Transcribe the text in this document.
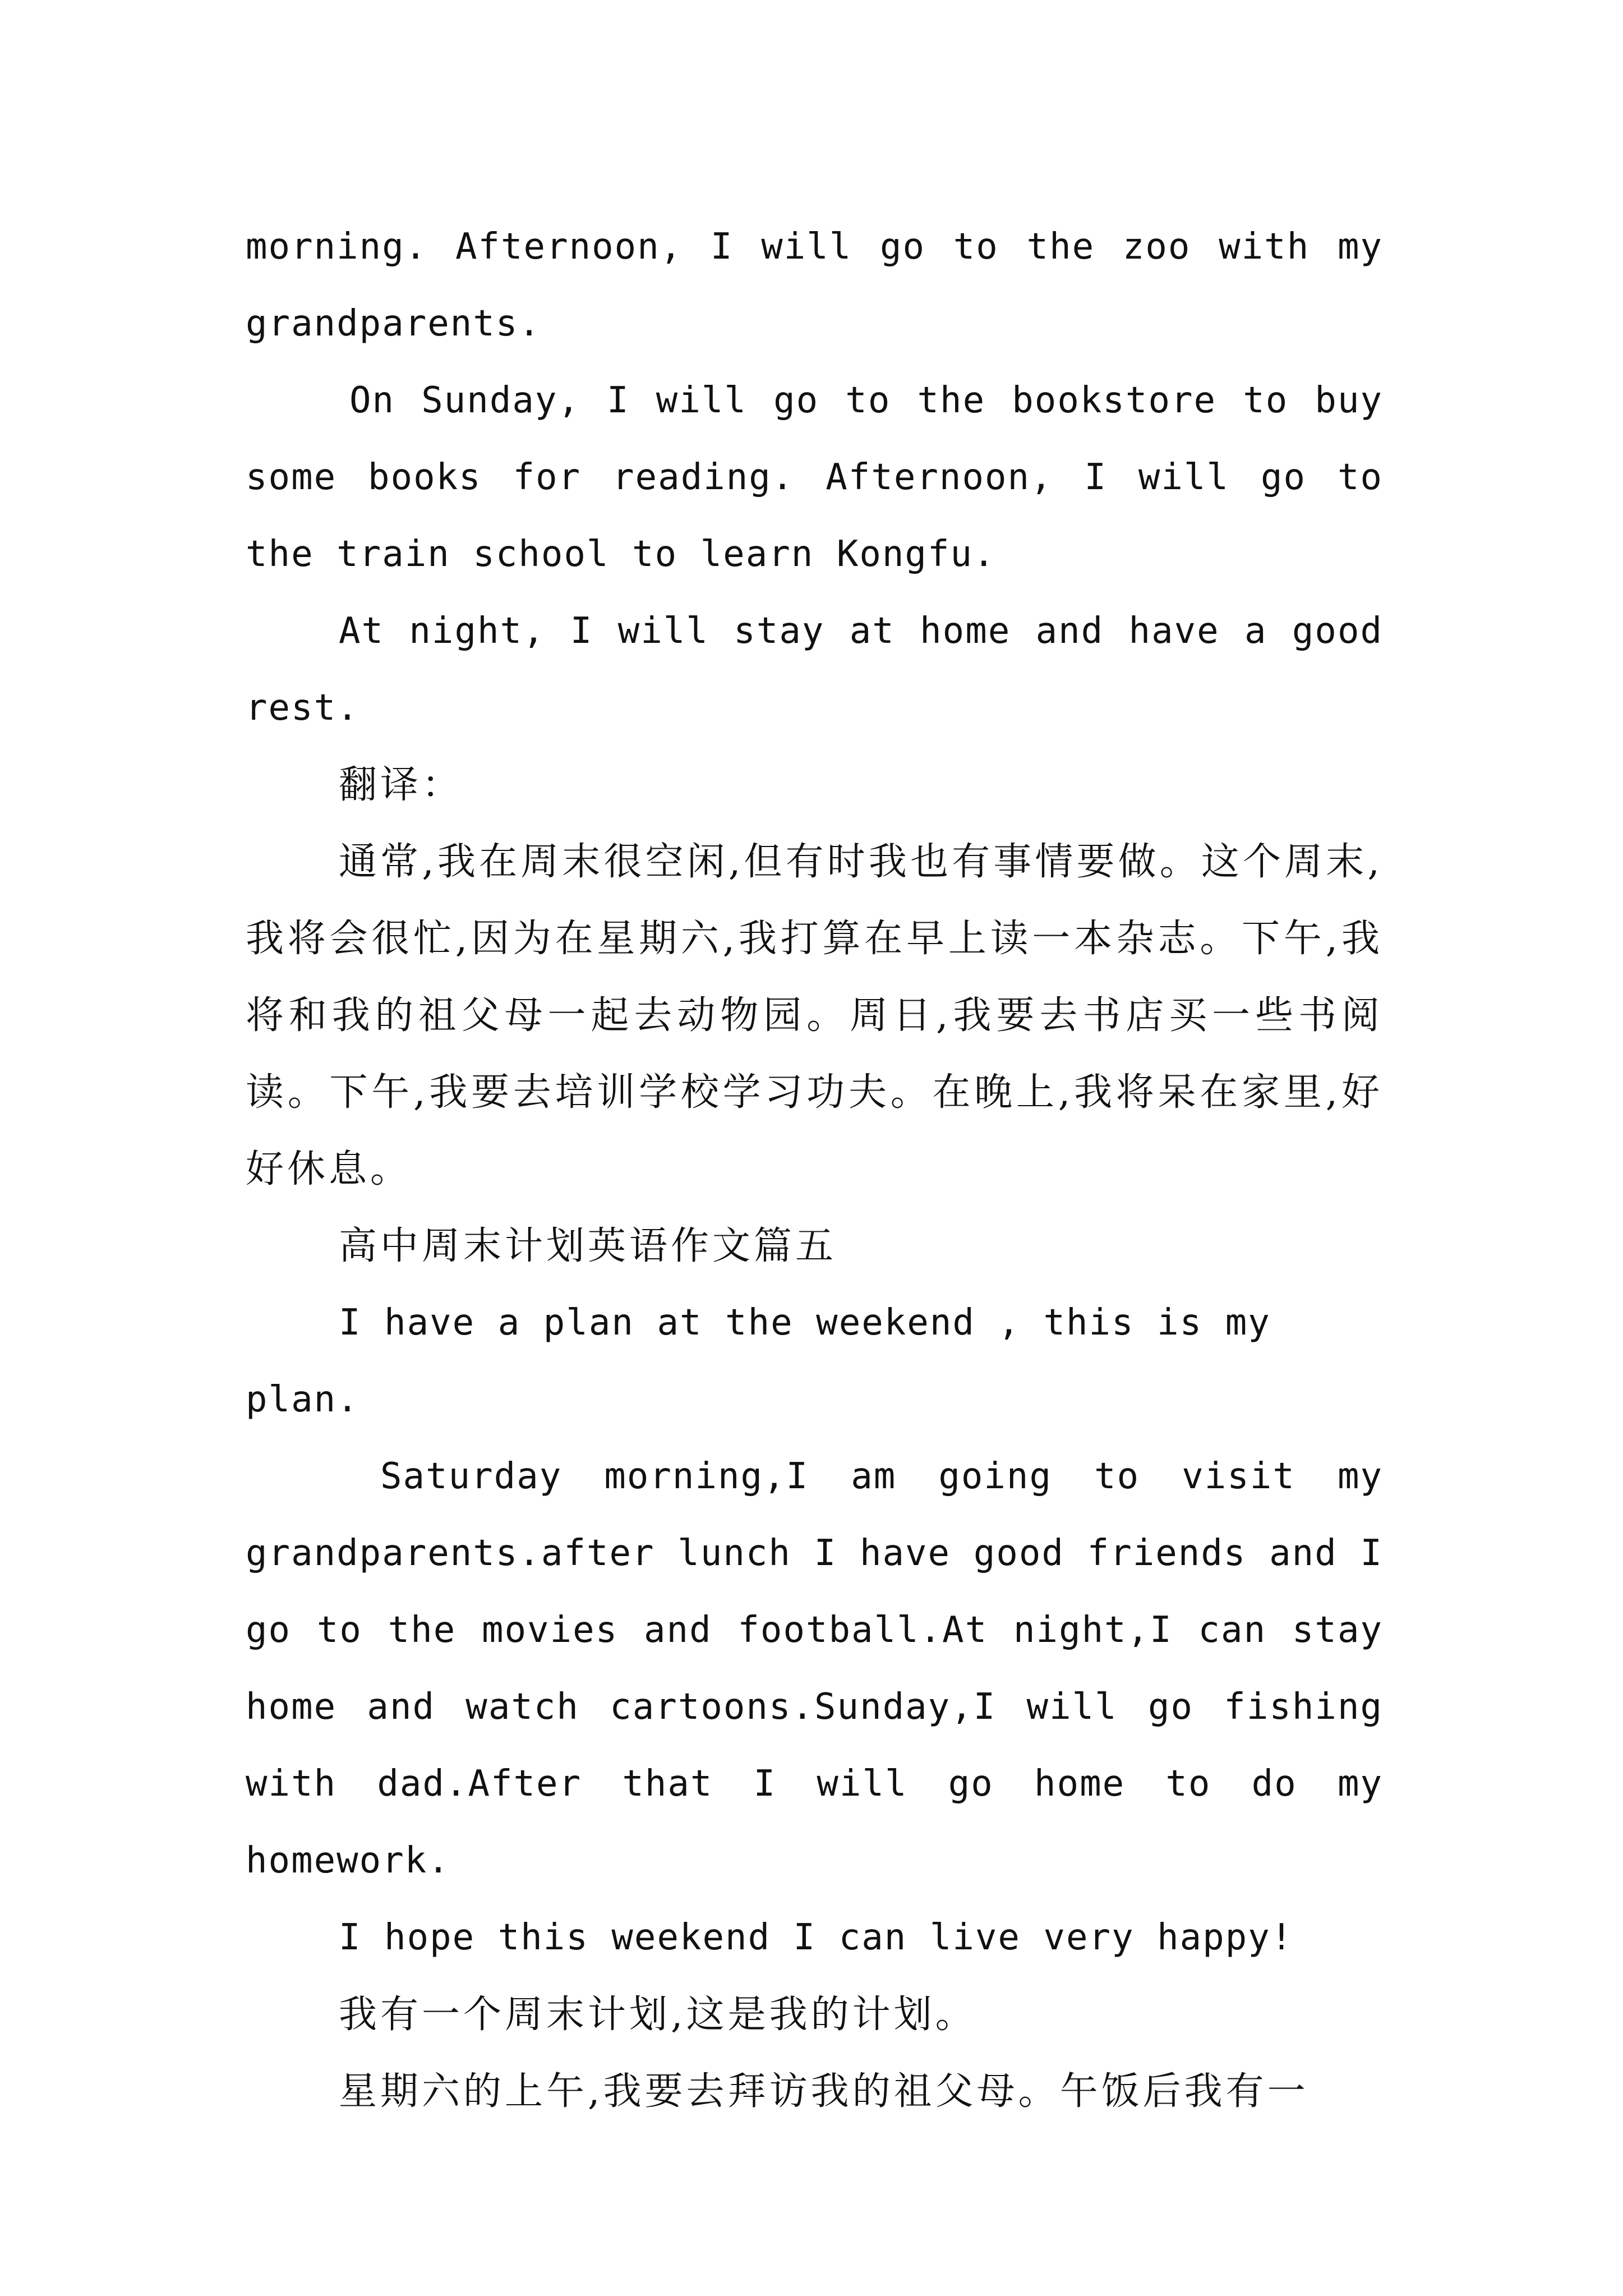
morning. Afternoon, I will go to the zoo with my grandparents.

On Sunday, I will go to the bookstore to buy some books for reading. Afternoon, I will go to the train school to learn Kongfu.

At night, I will stay at home and have a good rest.

翻译：

通常,我在周末很空闲,但有时我也有事情要做。这个周末,我将会很忙,因为在星期六,我打算在早上读一本杂志。下午,我将和我的祖父母一起去动物园。周日,我要去书店买一些书阅读。下午,我要去培训学校学习功夫。在晚上,我将呆在家里,好好休息。

高中周末计划英语作文篇五

I have a plan at the weekend , this is my plan.

Saturday morning,I am going to visit my grandparents.after lunch I have good friends and I go to the movies and football.At night,I can stay home and watch cartoons.Sunday,I will go fishing with dad.After that I will go home to do my homework.

I hope this weekend I can live very happy!

我有一个周末计划,这是我的计划。

星期六的上午,我要去拜访我的祖父母。午饭后我有一
